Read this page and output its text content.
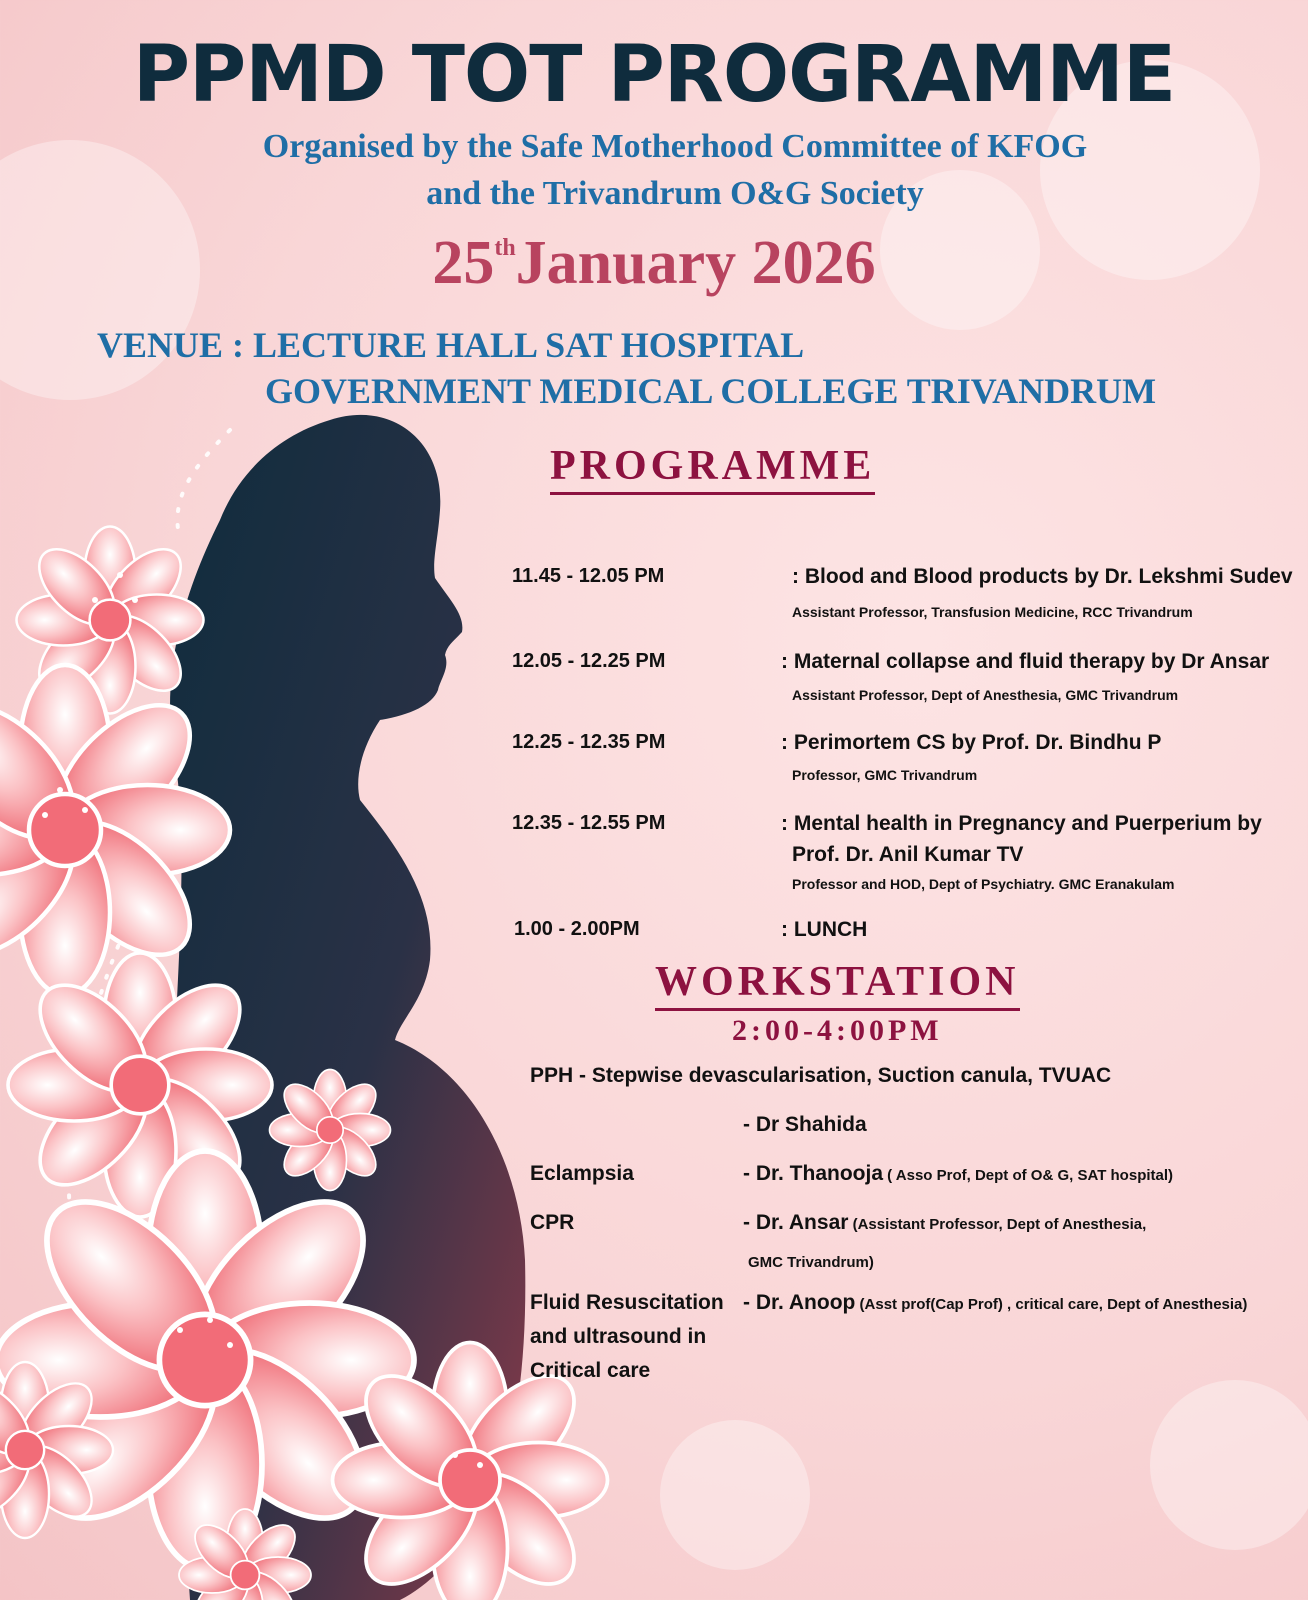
PPMD TOT PROGRAMME
Organised by the Safe Motherhood Committee of KFOG
and the Trivandrum O&G Society
25thJanuary 2026
VENUE : LECTURE HALL SAT HOSPITAL
GOVERNMENT MEDICAL COLLEGE TRIVANDRUM
PROGRAMME
11.45 - 12.05 PM	: Blood and Blood products by Dr. Lekshmi Sudev
Assistant Professor, Transfusion Medicine, RCC Trivandrum
12.05 - 12.25 PM	: Maternal collapse and fluid therapy by Dr Ansar
Assistant Professor, Dept of Anesthesia, GMC Trivandrum
12.25 - 12.35 PM	: Perimortem CS by Prof. Dr. Bindhu P
Professor, GMC Trivandrum
12.35 - 12.55 PM	: Mental health in Pregnancy and Puerperium by
Prof. Dr. Anil Kumar TV
Professor and HOD, Dept of Psychiatry. GMC Eranakulam
1.00 - 2.00PM	: LUNCH
WORKSTATION
2:00-4:00PM
PPH - Stepwise devascularisation, Suction canula, TVUAC
- Dr Shahida
Eclampsia	- Dr. Thanooja ( Asso Prof, Dept of O& G, SAT hospital)
CPR	- Dr. Ansar (Assistant Professor, Dept of Anesthesia,
GMC Trivandrum)
Fluid Resuscitation
and ultrasound in
Critical care
- Dr. Anoop (Asst prof(Cap Prof) , critical care, Dept of Anesthesia)
